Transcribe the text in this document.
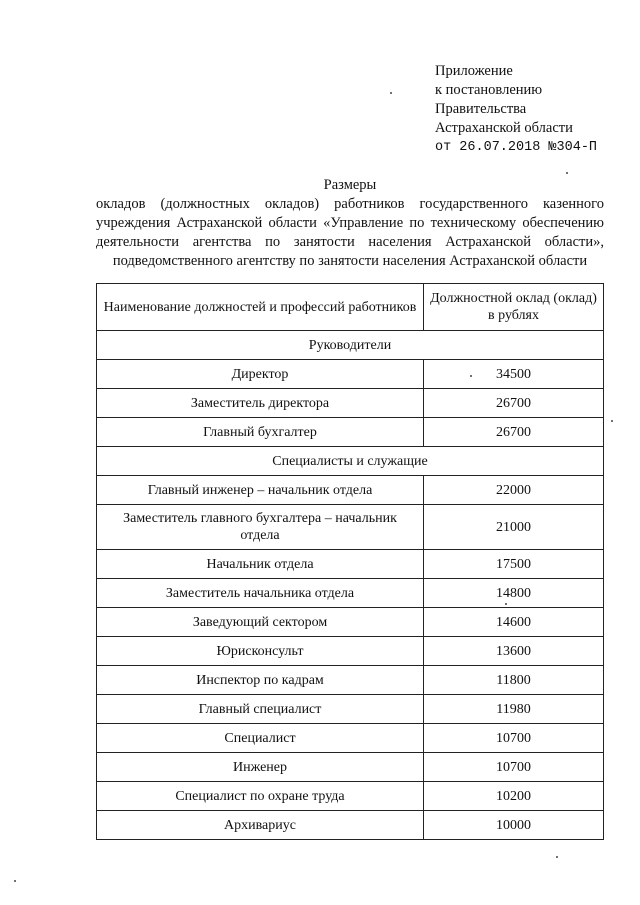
Приложение
к постановлению
Правительства
Астраханской области
от 26.07.2018 №304-П
Размеры
окладов (должностных окладов) работников государственного казенного учреждения Астраханской области «Управление по техническому обеспечению деятельности агентства по занятости населения Астраханской области», подведомственного агентству по занятости населения Астраханской области
Наименование должностей и профессий работников	Должностной оклад (оклад) в рублях
Руководители	
Директор	34500
Заместитель директора	26700
Главный бухгалтер	26700
Специалисты и служащие	
Главный инженер – начальник отдела	22000
Заместитель главного бухгалтера – начальник отдела	21000
Начальник отдела	17500
Заместитель начальника отдела	14800
Заведующий сектором	14600
Юрисконсульт	13600
Инспектор по кадрам	11800
Главный специалист	11980
Специалист	10700
Инженер	10700
Специалист по охране труда	10200
Архивариус	10000
